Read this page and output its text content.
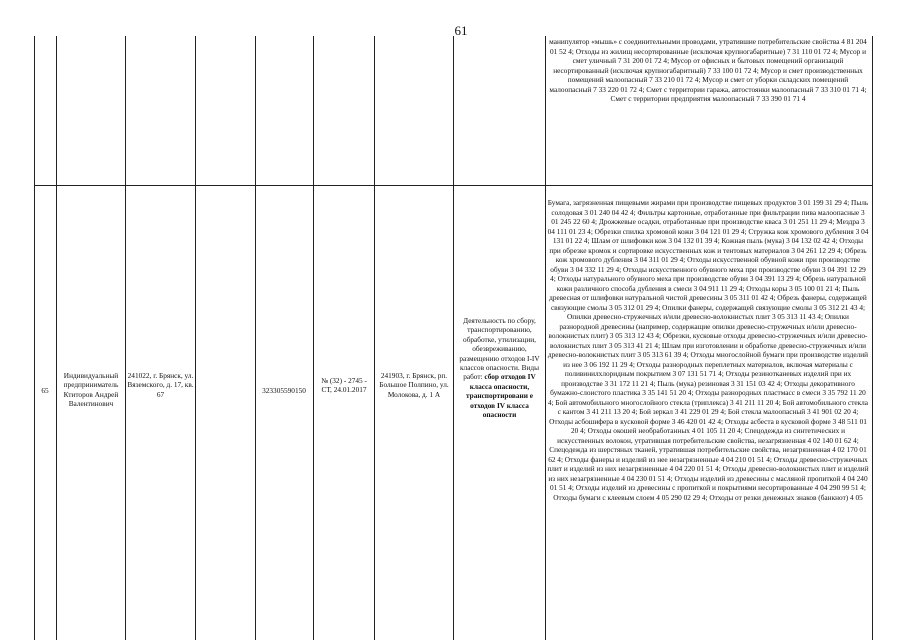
61
манипулятор «мышь» с соединительными проводами, утратившие потребительские свойства 4 81 204 01 52 4; Отходы из жилищ несортированные (исключая крупногабаритные) 7 31 110 01 72 4; Мусор и смет уличный 7 31 200 01 72 4; Мусор от офисных и бытовых помещений организаций несортированный (исключая крупногабаритный) 7 33 100 01 72 4; Мусор и смет производственных помещений малоопасный 7 33 210 01 72 4; Мусор и смет от уборки складских помещений малоопасный 7 33 220 01 72 4; Смет с территории гаража, автостоянки малоопасный 7 33 310 01 71 4; Смет с территории предприятия малоопасный 7 33 390 01 71 4
65
Индивидуальный предприниматель Ктиторов Андрей Валентинович
241022, г. Брянск, ул. Вяземского, д. 17, кв. 67	323305590150
№ (32) - 2745 - СТ, 24.01.2017
241903, г. Брянск, рп. Большое Полпино, ул. Молокова, д. 1 А
Деятельность по сбору, транспортированию, обработке, утилизации, обезвреживанию, размещению отходов I-IV классов опасности. Виды работ: сбор отходов IV класса опасности, транспортировани е отходов IV класса опасности
Бумага, загрязненная пищевыми жирами при производстве пищевых продуктов 3 01 199 31 29 4; Пыль солодовая 3 01 240 04 42 4; Фильтры картонные, отработанные при фильтрации пива малоопасные 3 01 245 22 60 4; Дрожжевые осадки, отработанные при производстве кваса 3 01 251 11 29 4; Мездра 3 04 111 01 23 4; Обрезки спилка хромовой кожи 3 04 121 01 29 4; Стружка кож хромового дубления 3 04 131 01 22 4; Шлам от шлифовки кож 3 04 132 01 39 4; Кожная пыль (мука) 3 04 132 02 42 4; Отходы при обрезке кромок и сортировке искусственных кож и тентовых материалов 3 04 261 12 29 4; Обрезь кож хромового дубления 3 04 311 01 29 4; Отходы искусственной обувной кожи при производстве обуви 3 04 332 11 29 4; Отходы искусственного обувного меха при производстве обуви 3 04 391 12 29 4; Отходы натурального обувного меха при производстве обуви 3 04 391 13 29 4; Обрезь натуральной кожи различного способа дубления в смеси 3 04 911 11 29 4; Отходы коры 3 05 100 01 21 4; Пыль древесная от шлифовки натуральной чистой древесины 3 05 311 01 42 4; Обрезь фанеры, содержащей связующие смолы 3 05 312 01 29 4; Опилки фанеры, содержащей связующие смолы 3 05 312 21 43 4; Опилки древесно-стружечных и/или древесно-волокнистых плит 3 05 313 11 43 4; Опилки разнородной древесины (например, содержащие опилки древесно-стружечных и/или древесно-волокнистых плит) 3 05 313 12 43 4; Обрезки, кусковые отходы древесно-стружечных и/или древесно-волокнистых плит 3 05 313 41 21 4; Шлам при изготовлении и обработке древесно-стружечных и/или древесно-волокнистых плит 3 05 313 61 39 4; Отходы многослойной бумаги при производстве изделий из нее 3 06 192 11 29 4; Отходы разнородных переплетных материалов, включая материалы с поливинилхлоридным покрытием 3 07 131 51 71 4; Отходы резинотканевых изделий при их производстве 3 31 172 11 21 4; Пыль (мука) резиновая 3 31 151 03 42 4; Отходы декоративного бумажно-слоистого пластика 3 35 141 51 20 4; Отходы разнородных пластмасс в смеси 3 35 792 11 20 4; Бой автомобильного многослойного стекла (триплекса) 3 41 211 11 20 4; Бой автомобильного стекла с кантом 3 41 211 13 20 4; Бой зеркал 3 41 229 01 29 4; Бой стекла малоопасный 3 41 901 02 20 4; Отходы асбошифера в кусковой форме 3 46 420 01 42 4; Отходы асбеста в кусковой форме 3 48 511 01 20 4; Отходы окошей необработанных 4 01 105 11 20 4; Спецодежда из синтетических и искусственных волокон, утратившая потребительские свойства, незагрязненная 4 02 140 01 62 4; Спецодежда из шерстяных тканей, утратившая потребительские свойства, незагрязненная 4 02 170 01 62 4; Отходы фанеры и изделий из нее незагрязненные 4 04 210 01 51 4; Отходы древесно-стружечных плит и изделий из них незагрязненные 4 04 220 01 51 4; Отходы древесно-волокнистых плит и изделий из них незагрязненные 4 04 230 01 51 4; Отходы изделий из древесины с масляной пропиткой 4 04 240 01 51 4; Отходы изделий из древесины с пропиткой и покрытиями несортированные 4 04 290 99 51 4; Отходы бумаги с клеевым слоем 4 05 290 02 29 4; Отходы от резки денежных знаков (банкнот) 4 05
